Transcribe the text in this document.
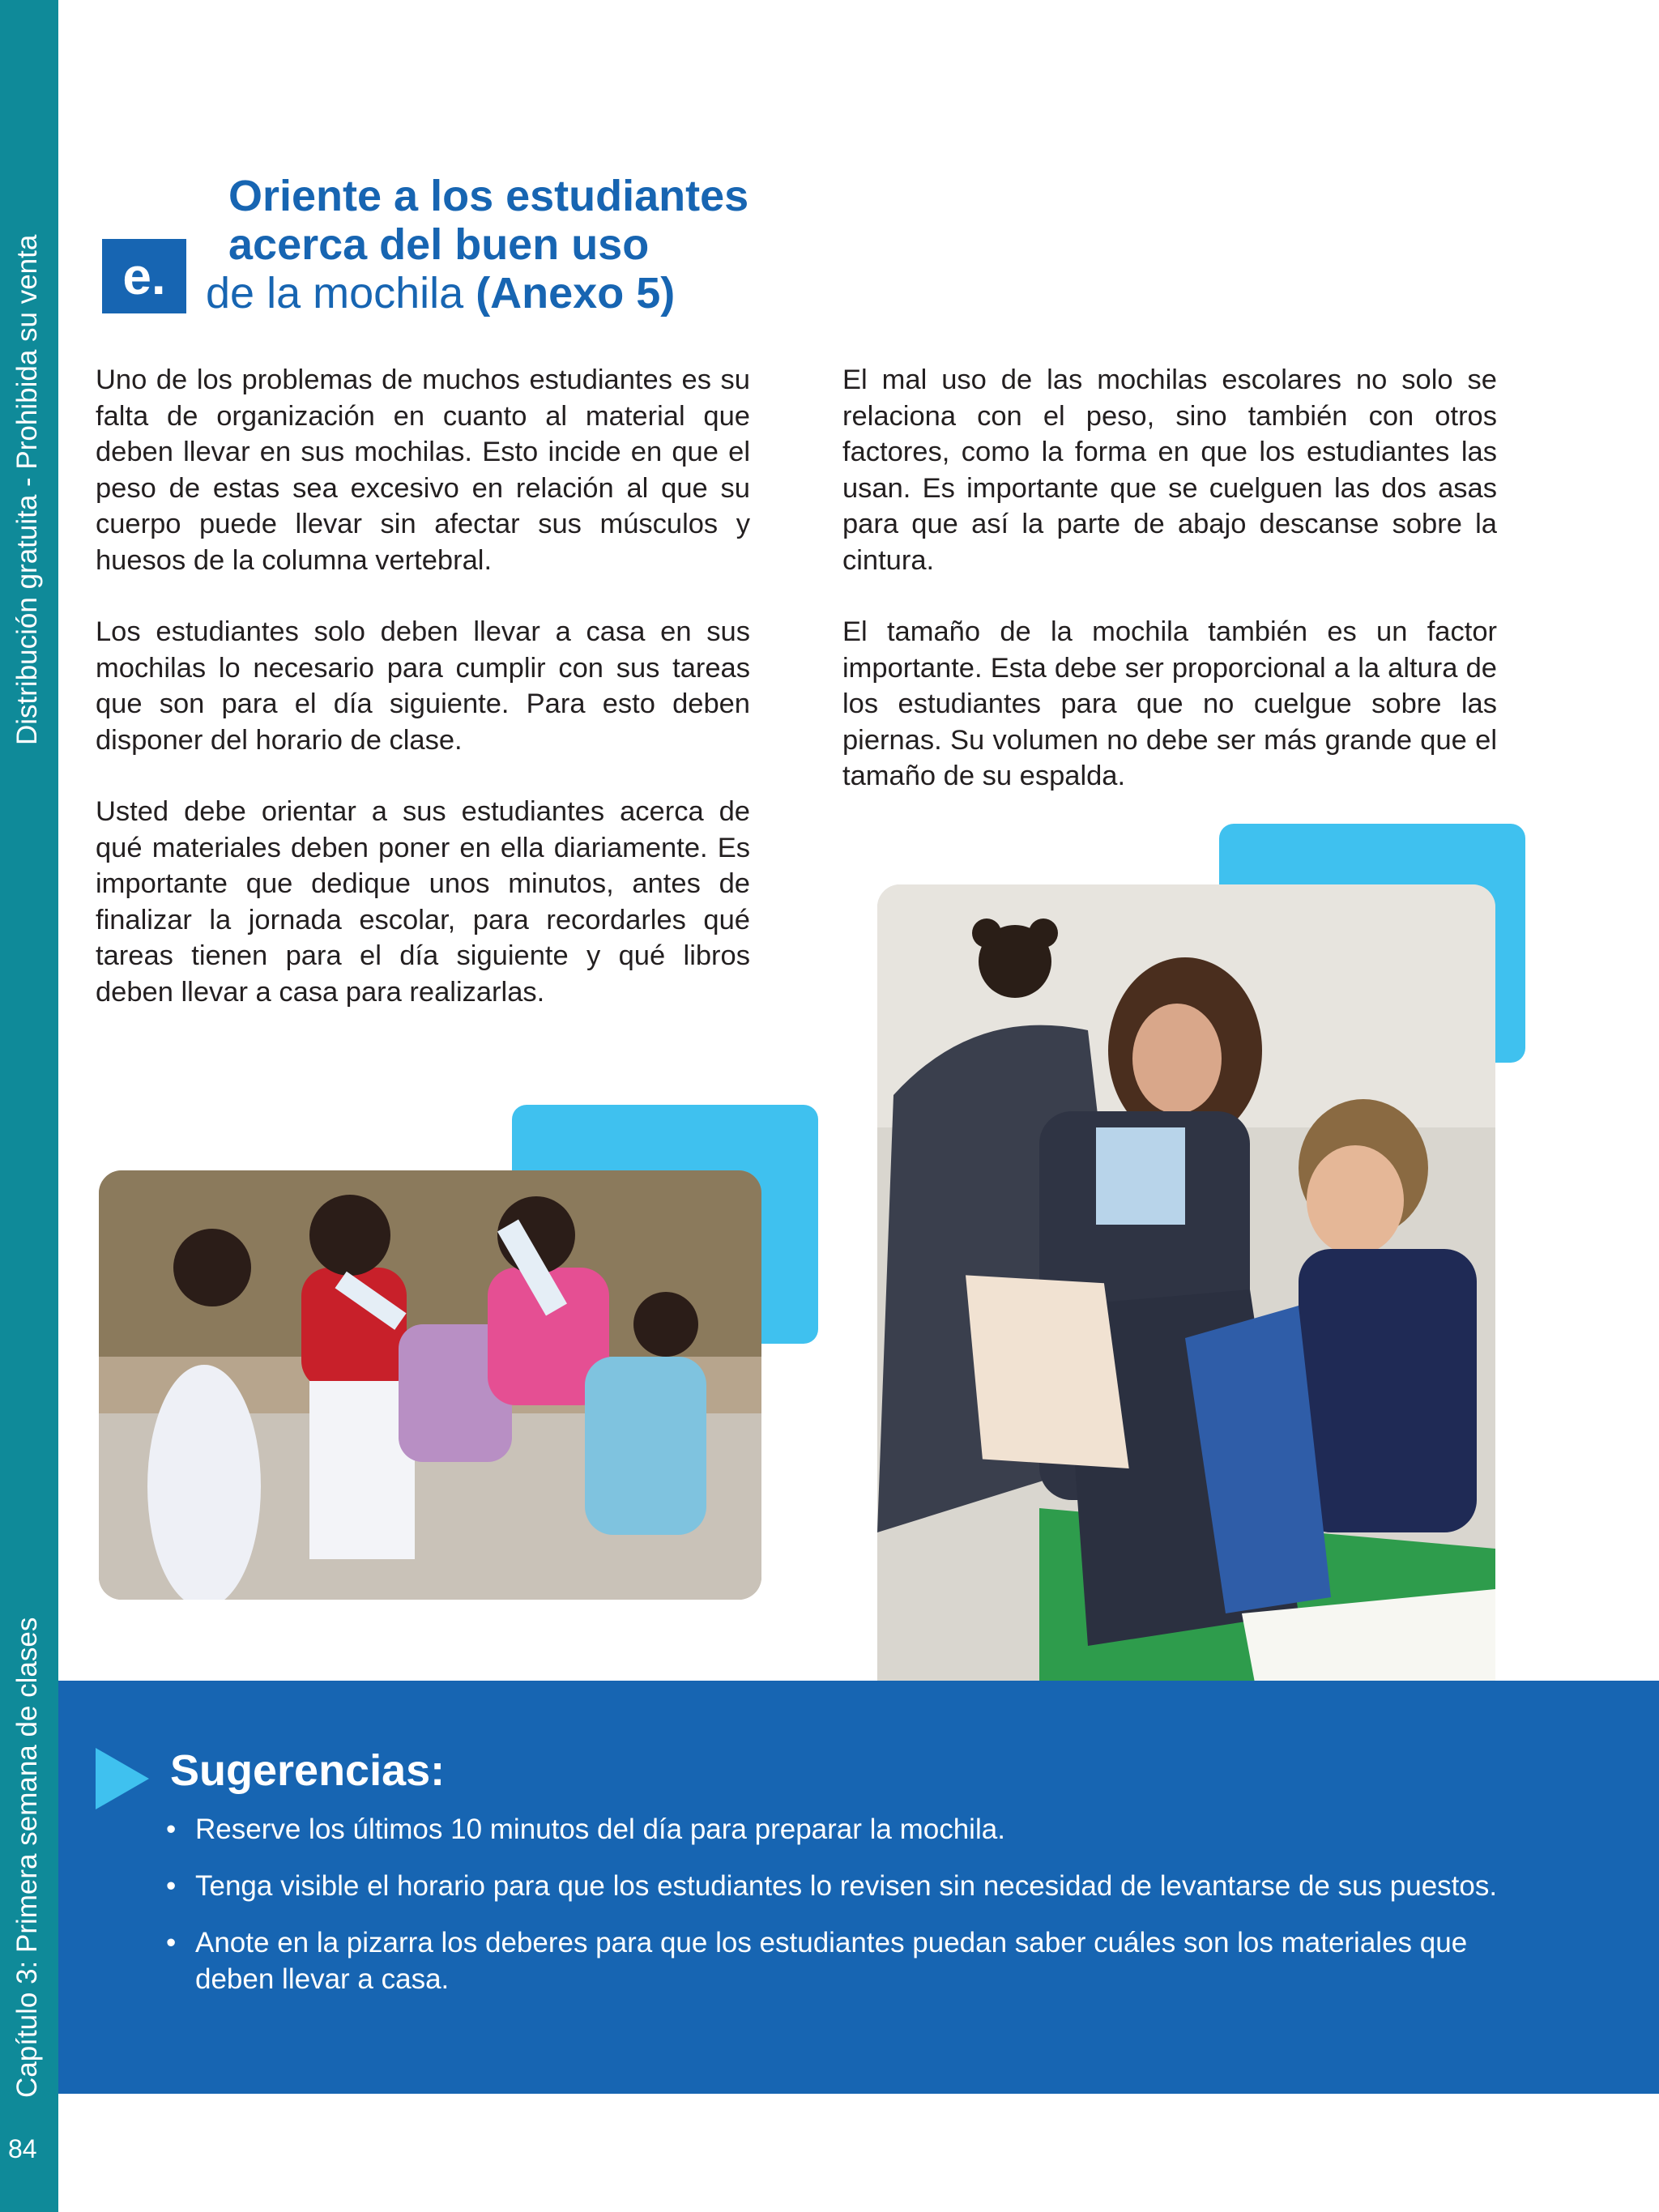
Distribución gratuita - Prohibida su venta
Capítulo 3: Primera semana de clases
84
e.
Oriente a los estudiantes
acerca del buen uso
de la mochila (Anexo 5)

Uno de los problemas de muchos estudiantes es su falta de organización en cuanto al material que deben llevar en sus mochilas. Esto incide en que el peso de estas sea excesivo en relación al que su cuerpo puede llevar sin afectar sus músculos y huesos de la columna vertebral.

Los estudiantes solo deben llevar a casa en sus mochilas lo necesario para cumplir con sus tareas que son para el día siguiente. Para esto deben disponer del horario de clase.

Usted debe orientar a sus estudiantes acerca de qué materiales deben poner en ella diariamente. Es importante que dedique unos minutos, antes de finalizar la jornada escolar, para recordarles qué tareas tienen para el día siguiente y qué libros deben llevar a casa para realizarlas.

El mal uso de las mochilas escolares no solo se relaciona con el peso, sino también con otros factores, como la forma en que los estudiantes las usan. Es importante que se cuelguen las dos asas para que así la parte de abajo descanse sobre la cintura.

El tamaño de la mochila también es un factor importante. Esta debe ser proporcional a la altura de los estudiantes para que no cuelgue sobre las piernas. Su volumen no debe ser más grande que el tamaño de su espalda.

Sugerencias:
• Reserve los últimos 10 minutos del día para preparar la mochila.
• Tenga visible el horario para que los estudiantes lo revisen sin necesidad de levantarse de sus puestos.
• Anote en la pizarra los deberes para que los estudiantes puedan saber cuáles son los materiales que deben llevar a casa.
